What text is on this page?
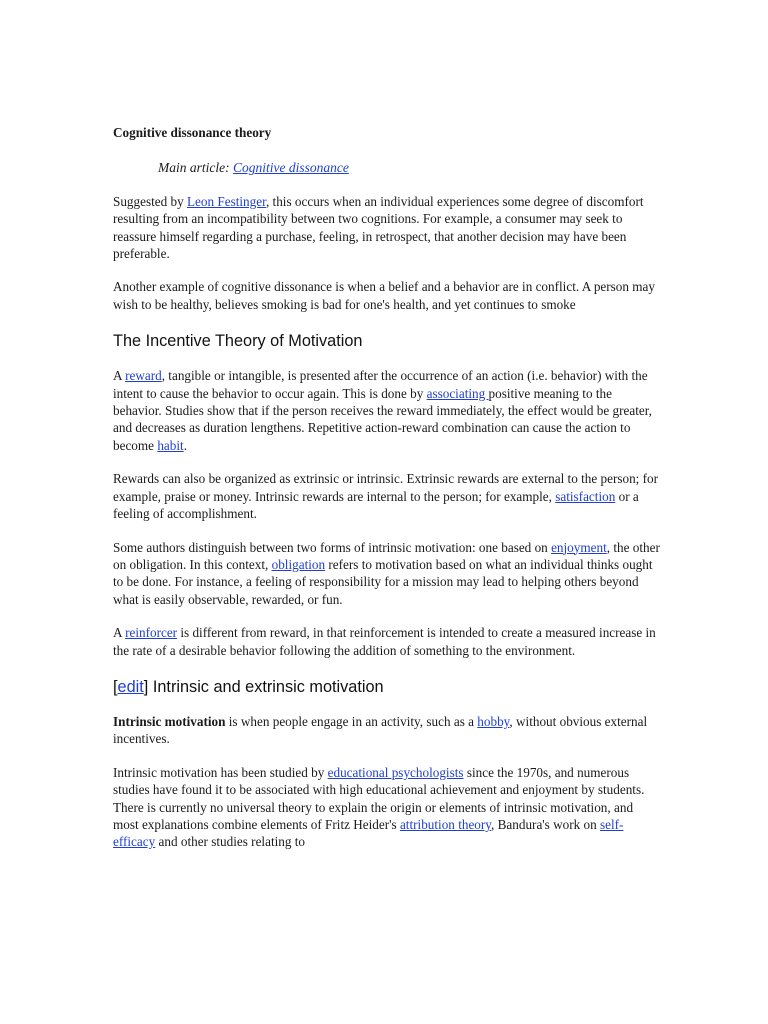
Cognitive dissonance theory

Main article: Cognitive dissonance

Suggested by Leon Festinger, this occurs when an individual experiences some degree of discomfort resulting from an incompatibility between two cognitions. For example, a consumer may seek to reassure himself regarding a purchase, feeling, in retrospect, that another decision may have been preferable.

Another example of cognitive dissonance is when a belief and a behavior are in conflict. A person may wish to be healthy, believes smoking is bad for one's health, and yet continues to smoke

The Incentive Theory of Motivation

A reward, tangible or intangible, is presented after the occurrence of an action (i.e. behavior) with the intent to cause the behavior to occur again. This is done by associating positive meaning to the behavior. Studies show that if the person receives the reward immediately, the effect would be greater, and decreases as duration lengthens. Repetitive action-reward combination can cause the action to become habit.

Rewards can also be organized as extrinsic or intrinsic. Extrinsic rewards are external to the person; for example, praise or money. Intrinsic rewards are internal to the person; for example, satisfaction or a feeling of accomplishment.

Some authors distinguish between two forms of intrinsic motivation: one based on enjoyment, the other on obligation. In this context, obligation refers to motivation based on what an individual thinks ought to be done. For instance, a feeling of responsibility for a mission may lead to helping others beyond what is easily observable, rewarded, or fun.

A reinforcer is different from reward, in that reinforcement is intended to create a measured increase in the rate of a desirable behavior following the addition of something to the environment.

[edit] Intrinsic and extrinsic motivation

Intrinsic motivation is when people engage in an activity, such as a hobby, without obvious external incentives.

Intrinsic motivation has been studied by educational psychologists since the 1970s, and numerous studies have found it to be associated with high educational achievement and enjoyment by students. There is currently no universal theory to explain the origin or elements of intrinsic motivation, and most explanations combine elements of Fritz Heider's attribution theory, Bandura's work on self-efficacy and other studies relating to
